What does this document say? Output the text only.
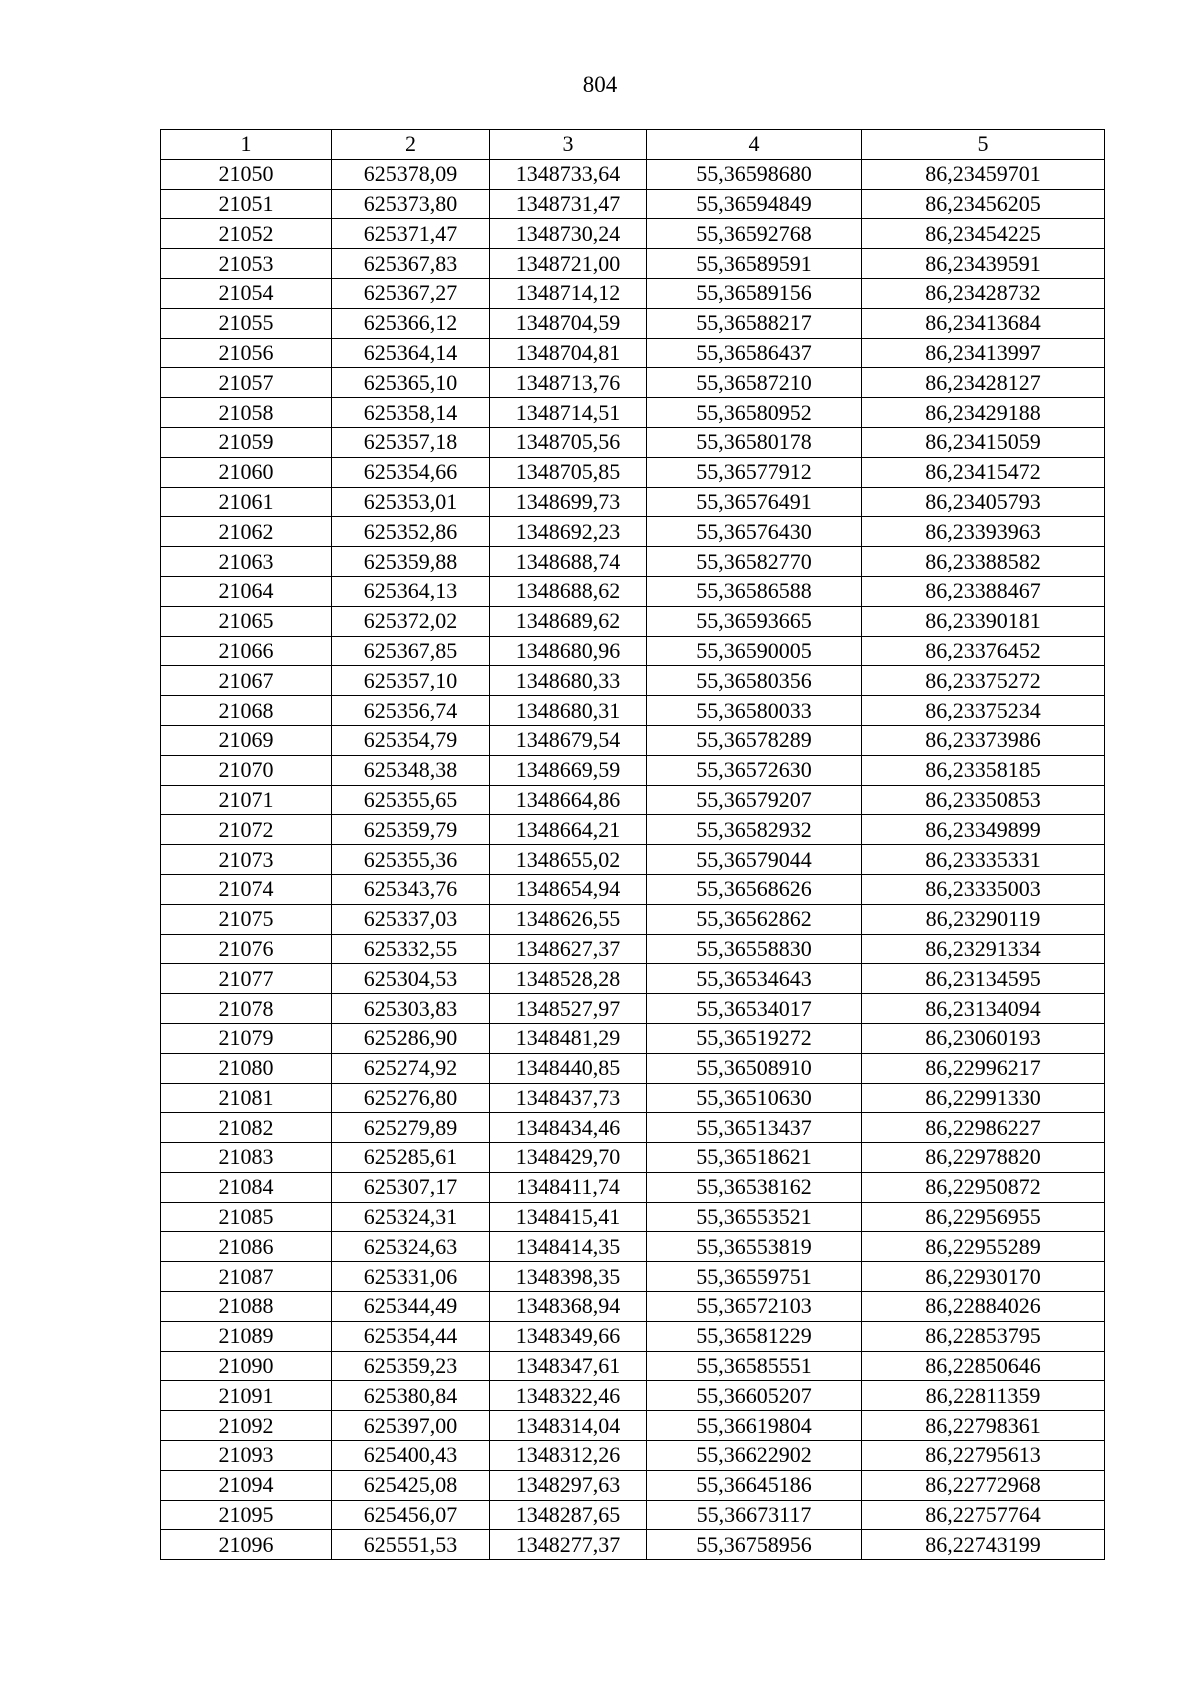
804
1	2	3	4	5
21050	625378,09	1348733,64	55,36598680	86,23459701
21051	625373,80	1348731,47	55,36594849	86,23456205
21052	625371,47	1348730,24	55,36592768	86,23454225
21053	625367,83	1348721,00	55,36589591	86,23439591
21054	625367,27	1348714,12	55,36589156	86,23428732
21055	625366,12	1348704,59	55,36588217	86,23413684
21056	625364,14	1348704,81	55,36586437	86,23413997
21057	625365,10	1348713,76	55,36587210	86,23428127
21058	625358,14	1348714,51	55,36580952	86,23429188
21059	625357,18	1348705,56	55,36580178	86,23415059
21060	625354,66	1348705,85	55,36577912	86,23415472
21061	625353,01	1348699,73	55,36576491	86,23405793
21062	625352,86	1348692,23	55,36576430	86,23393963
21063	625359,88	1348688,74	55,36582770	86,23388582
21064	625364,13	1348688,62	55,36586588	86,23388467
21065	625372,02	1348689,62	55,36593665	86,23390181
21066	625367,85	1348680,96	55,36590005	86,23376452
21067	625357,10	1348680,33	55,36580356	86,23375272
21068	625356,74	1348680,31	55,36580033	86,23375234
21069	625354,79	1348679,54	55,36578289	86,23373986
21070	625348,38	1348669,59	55,36572630	86,23358185
21071	625355,65	1348664,86	55,36579207	86,23350853
21072	625359,79	1348664,21	55,36582932	86,23349899
21073	625355,36	1348655,02	55,36579044	86,23335331
21074	625343,76	1348654,94	55,36568626	86,23335003
21075	625337,03	1348626,55	55,36562862	86,23290119
21076	625332,55	1348627,37	55,36558830	86,23291334
21077	625304,53	1348528,28	55,36534643	86,23134595
21078	625303,83	1348527,97	55,36534017	86,23134094
21079	625286,90	1348481,29	55,36519272	86,23060193
21080	625274,92	1348440,85	55,36508910	86,22996217
21081	625276,80	1348437,73	55,36510630	86,22991330
21082	625279,89	1348434,46	55,36513437	86,22986227
21083	625285,61	1348429,70	55,36518621	86,22978820
21084	625307,17	1348411,74	55,36538162	86,22950872
21085	625324,31	1348415,41	55,36553521	86,22956955
21086	625324,63	1348414,35	55,36553819	86,22955289
21087	625331,06	1348398,35	55,36559751	86,22930170
21088	625344,49	1348368,94	55,36572103	86,22884026
21089	625354,44	1348349,66	55,36581229	86,22853795
21090	625359,23	1348347,61	55,36585551	86,22850646
21091	625380,84	1348322,46	55,36605207	86,22811359
21092	625397,00	1348314,04	55,36619804	86,22798361
21093	625400,43	1348312,26	55,36622902	86,22795613
21094	625425,08	1348297,63	55,36645186	86,22772968
21095	625456,07	1348287,65	55,36673117	86,22757764
21096	625551,53	1348277,37	55,36758956	86,22743199
